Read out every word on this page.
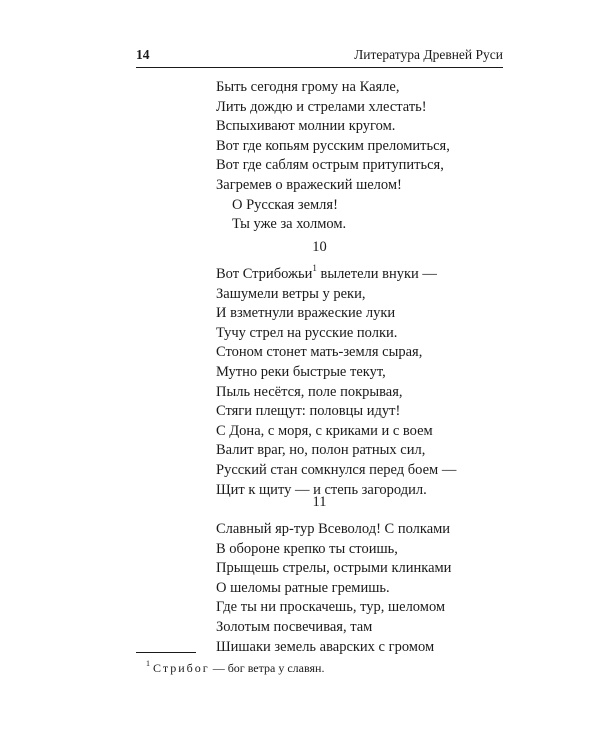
14	Литература Древней Руси
Быть сегодня грому на Каяле,
Лить дождю и стрелами хлестать!
Вспыхивают молнии кругом.
Вот где копьям русским преломиться,
Вот где саблям острым притупиться,
Загремев о вражеский шелом!
О Русская земля!
Ты уже за холмом.
10
Вот Стрибожьи$^1$ вылетели внуки —
Зашумели ветры у реки,
И взметнули вражеские луки
Тучу стрел на русские полки.
Стоном стонет мать-земля сырая,
Мутно реки быстрые текут,
Пыль несётся, поле покрывая,
Стяги плещут: половцы идут!
С Дона, с моря, с криками и с воем
Валит враг, но, полон ратных сил,
Русский стан сомкнулся перед боем —
Щит к щиту — и степь загородил.
11
Славный яр-тур Всеволод! С полками
В обороне крепко ты стоишь,
Прыщешь стрелы, острыми клинками
О шеломы ратные гремишь.
Где ты ни проскачешь, тур, шеломом
Золотым посвечивая, там
Шишаки земель аварских с громом
$^1$ Стрибог — бог ветра у славян.
